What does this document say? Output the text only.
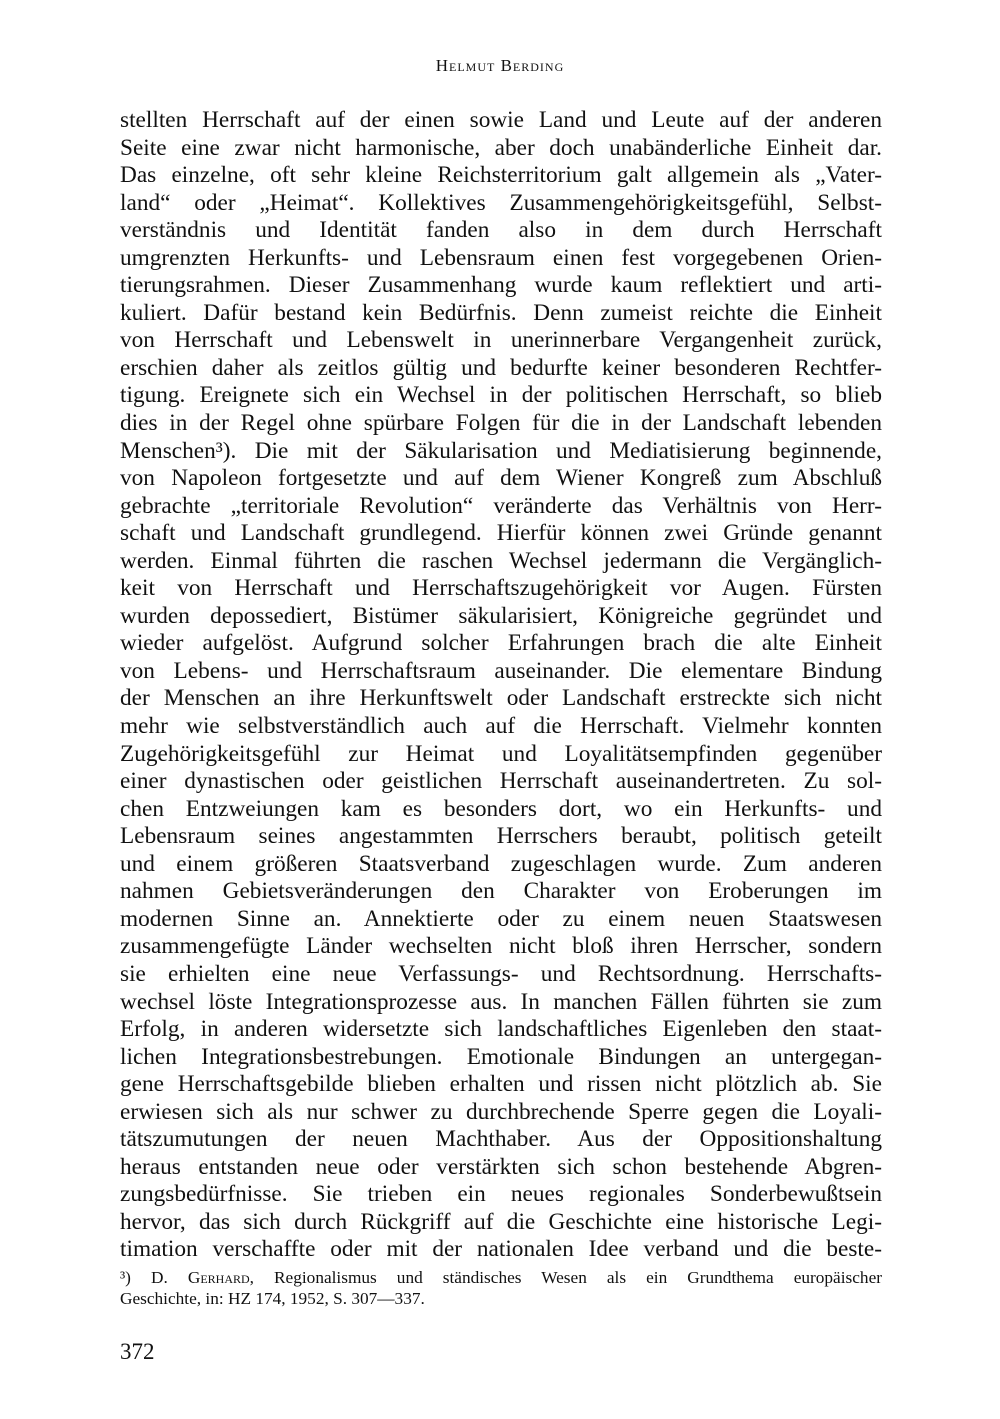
Helmut Berding
stellten Herrschaft auf der einen sowie Land und Leute auf der anderen
Seite eine zwar nicht harmonische, aber doch unabänderliche Einheit dar.
Das einzelne, oft sehr kleine Reichsterritorium galt allgemein als „Vater-
land“ oder „Heimat“. Kollektives Zusammengehörigkeitsgefühl, Selbst-
verständnis und Identität fanden also in dem durch Herrschaft
umgrenzten Herkunfts- und Lebensraum einen fest vorgegebenen Orien-
tierungsrahmen. Dieser Zusammenhang wurde kaum reflektiert und arti-
kuliert. Dafür bestand kein Bedürfnis. Denn zumeist reichte die Einheit
von Herrschaft und Lebenswelt in unerinnerbare Vergangenheit zurück,
erschien daher als zeitlos gültig und bedurfte keiner besonderen Rechtfer-
tigung. Ereignete sich ein Wechsel in der politischen Herrschaft, so blieb
dies in der Regel ohne spürbare Folgen für die in der Landschaft lebenden
Menschen³). Die mit der Säkularisation und Mediatisierung beginnende,
von Napoleon fortgesetzte und auf dem Wiener Kongreß zum Abschluß
gebrachte „territoriale Revolution“ veränderte das Verhältnis von Herr-
schaft und Landschaft grundlegend. Hierfür können zwei Gründe genannt
werden. Einmal führten die raschen Wechsel jedermann die Vergänglich-
keit von Herrschaft und Herrschaftszugehörigkeit vor Augen. Fürsten
wurden depossediert, Bistümer säkularisiert, Königreiche gegründet und
wieder aufgelöst. Aufgrund solcher Erfahrungen brach die alte Einheit
von Lebens- und Herrschaftsraum auseinander. Die elementare Bindung
der Menschen an ihre Herkunftswelt oder Landschaft erstreckte sich nicht
mehr wie selbstverständlich auch auf die Herrschaft. Vielmehr konnten
Zugehörigkeitsgefühl zur Heimat und Loyalitätsempfinden gegenüber
einer dynastischen oder geistlichen Herrschaft auseinandertreten. Zu sol-
chen Entzweiungen kam es besonders dort, wo ein Herkunfts- und
Lebensraum seines angestammten Herrschers beraubt, politisch geteilt
und einem größeren Staatsverband zugeschlagen wurde. Zum anderen
nahmen Gebietsveränderungen den Charakter von Eroberungen im
modernen Sinne an. Annektierte oder zu einem neuen Staatswesen
zusammengefügte Länder wechselten nicht bloß ihren Herrscher, sondern
sie erhielten eine neue Verfassungs- und Rechtsordnung. Herrschafts-
wechsel löste Integrationsprozesse aus. In manchen Fällen führten sie zum
Erfolg, in anderen widersetzte sich landschaftliches Eigenleben den staat-
lichen Integrationsbestrebungen. Emotionale Bindungen an untergegan-
gene Herrschaftsgebilde blieben erhalten und rissen nicht plötzlich ab. Sie
erwiesen sich als nur schwer zu durchbrechende Sperre gegen die Loyali-
tätszumutungen der neuen Machthaber. Aus der Oppositionshaltung
heraus entstanden neue oder verstärkten sich schon bestehende Abgren-
zungsbedürfnisse. Sie trieben ein neues regionales Sonderbewußtsein
hervor, das sich durch Rückgriff auf die Geschichte eine historische Legi-
timation verschaffte oder mit der nationalen Idee verband und die beste-
³) D. Gerhard, Regionalismus und ständisches Wesen als ein Grundthema europäischer
Geschichte, in: HZ 174, 1952, S. 307—337.
372
